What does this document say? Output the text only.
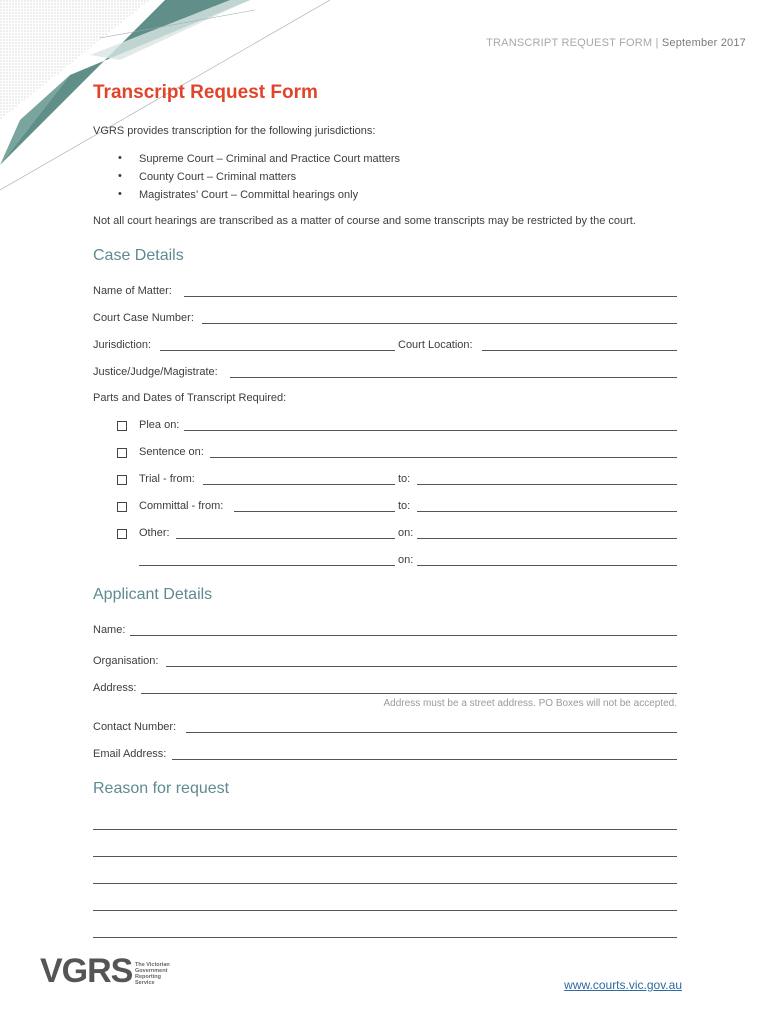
TRANSCRIPT REQUEST FORM | September 2017
Transcript Request Form
VGRS provides transcription for the following jurisdictions:
• Supreme Court – Criminal and Practice Court matters
• County Court – Criminal matters
• Magistrates’ Court – Committal hearings only
Not all court hearings are transcribed as a matter of course and some transcripts may be restricted by the court.
Case Details
Name of Matter:
Court Case Number:
Jurisdiction:	Court Location:
Justice/Judge/Magistrate:
Parts and Dates of Transcript Required:
Plea on:
Sentence on:
Trial - from:	to:
Committal - from:	to:
Other:	on:
on:
Applicant Details
Name:
Organisation:
Address:
Address must be a street address. PO Boxes will not be accepted.
Contact Number:
Email Address:
Reason for request
VGRS The Victorian
Government
Reporting
Service	www.courts.vic.gov.au
